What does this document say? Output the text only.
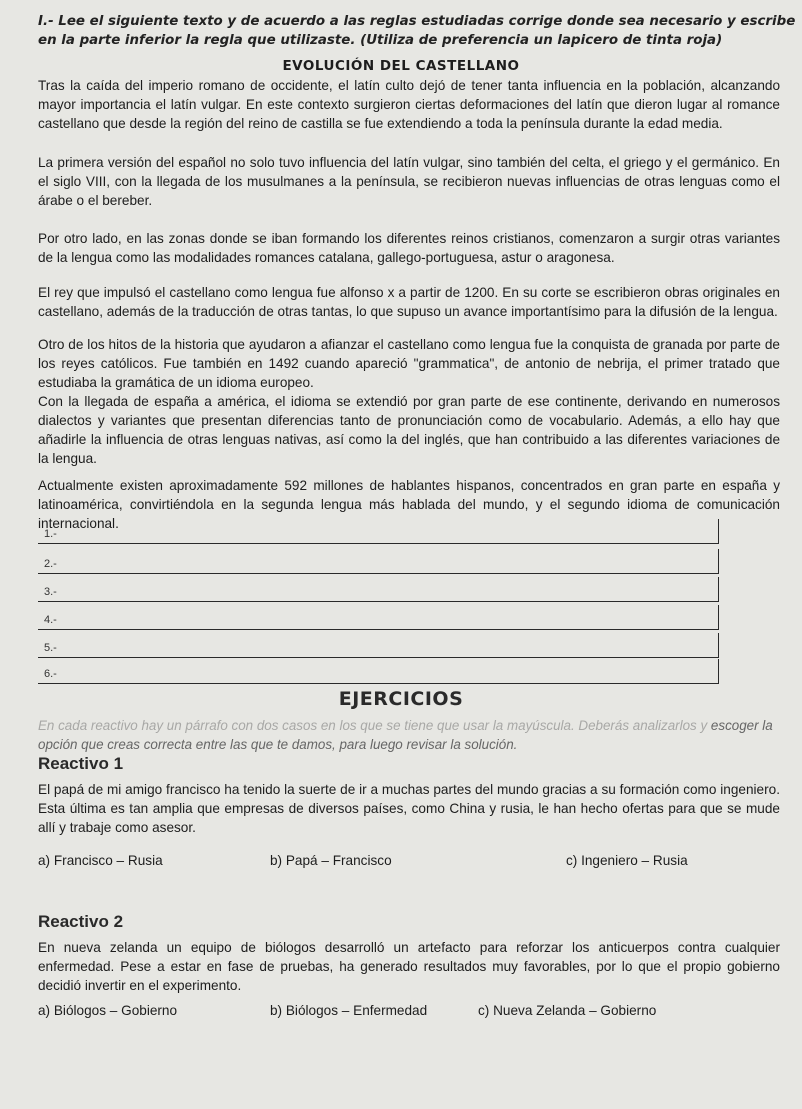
I.- Lee el siguiente texto y de acuerdo a las reglas estudiadas corrige donde sea necesario y escribe en la parte inferior la regla que utilizaste. (Utiliza de preferencia un lapicero de tinta roja)
EVOLUCIÓN DEL CASTELLANO
Tras la caída del imperio romano de occidente, el latín culto dejó de tener tanta influencia en la población, alcanzando mayor importancia el latín vulgar. En este contexto surgieron ciertas deformaciones del latín que dieron lugar al romance castellano que desde la región del reino de castilla se fue extendiendo a toda la península durante la edad media.
La primera versión del español no solo tuvo influencia del latín vulgar, sino también del celta, el griego y el germánico. En el siglo VIII, con la llegada de los musulmanes a la península, se recibieron nuevas influencias de otras lenguas como el árabe o el bereber.
Por otro lado, en las zonas donde se iban formando los diferentes reinos cristianos, comenzaron a surgir otras variantes de la lengua como las modalidades romances catalana, gallego-portuguesa, astur o aragonesa.
El rey que impulsó el castellano como lengua fue alfonso x a partir de 1200. En su corte se escribieron obras originales en castellano, además de la traducción de otras tantas, lo que supuso un avance importantísimo para la difusión de la lengua.
Otro de los hitos de la historia que ayudaron a afianzar el castellano como lengua fue la conquista de granada por parte de los reyes católicos. Fue también en 1492 cuando apareció "grammatica", de antonio de nebrija, el primer tratado que estudiaba la gramática de un idioma europeo.
Con la llegada de españa a américa, el idioma se extendió por gran parte de ese continente, derivando en numerosos dialectos y variantes que presentan diferencias tanto de pronunciación como de vocabulario. Además, a ello hay que añadirle la influencia de otras lenguas nativas, así como la del inglés, que han contribuido a las diferentes variaciones de la lengua.
Actualmente existen aproximadamente 592 millones de hablantes hispanos, concentrados en gran parte en españa y latinoamérica, convirtiéndola en la segunda lengua más hablada del mundo, y el segundo idioma de comunicación internacional.
1.-
2.-
3.-
4.-
5.-
6.-
EJERCICIOS
En cada reactivo hay un párrafo con dos casos en los que se tiene que usar la mayúscula. Deberás analizarlos y escoger la opción que creas correcta entre las que te damos, para luego revisar la solución.
Reactivo 1
El papá de mi amigo francisco ha tenido la suerte de ir a muchas partes del mundo gracias a su formación como ingeniero. Esta última es tan amplia que empresas de diversos países, como China y rusia, le han hecho ofertas para que se mude allí y trabaje como asesor.
a) Francisco – Rusia	b) Papá – Francisco	c) Ingeniero – Rusia
Reactivo 2
En nueva zelanda un equipo de biólogos desarrolló un artefacto para reforzar los anticuerpos contra cualquier enfermedad. Pese a estar en fase de pruebas, ha generado resultados muy favorables, por lo que el propio gobierno decidió invertir en el experimento.
a) Biólogos – Gobierno	b) Biólogos – Enfermedad	c) Nueva Zelanda – Gobierno
